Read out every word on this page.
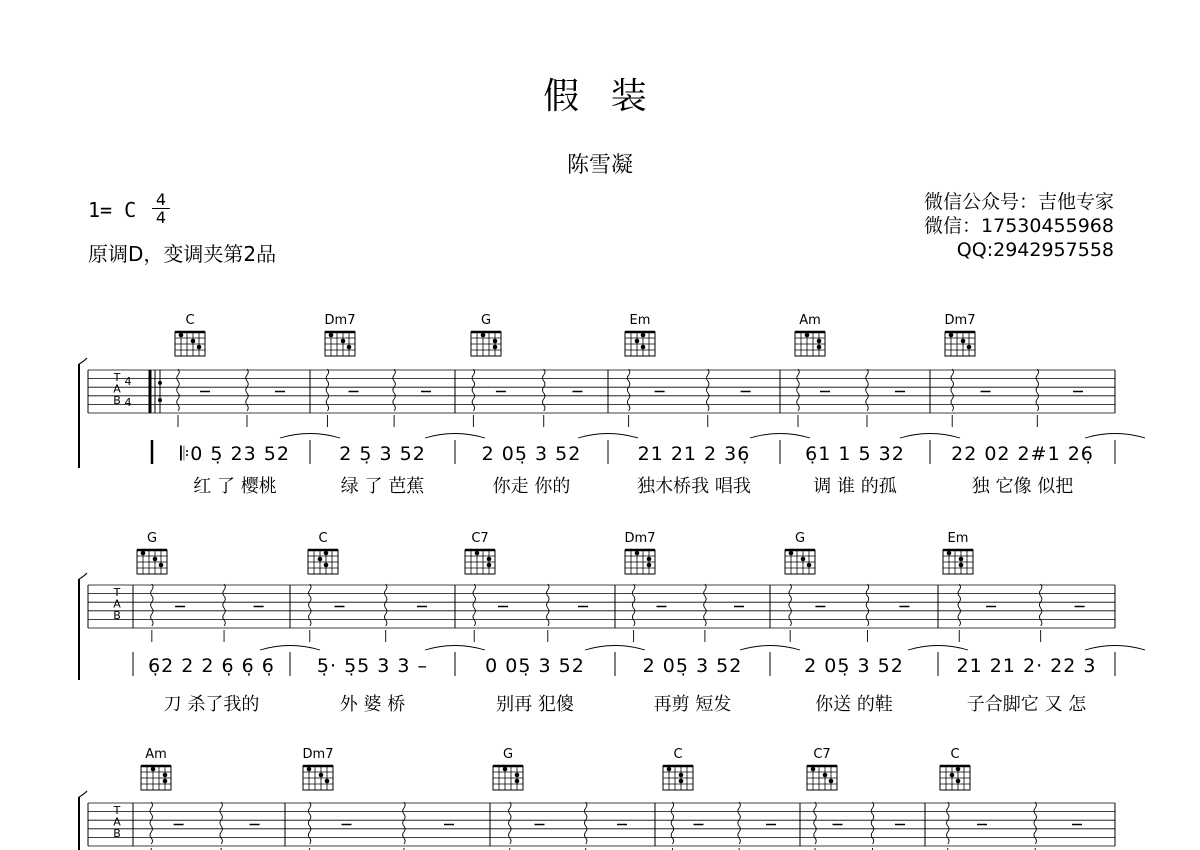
假 装
陈雪凝
1= C 4
4
原调D，变调夹第2品
微信公众号：吉他专家
微信：17530455968
QQ:2942957558
C	Dm7	G	Em	Am	Dm7
T
A
B
4
4
𝄆0 5̣ 23 52
红 了 樱桃
2 5̣ 3 52
绿 了 芭蕉
2 05̣ 3 52
你走 你的
21 21 2 36̣
独木桥我 唱我
6̣1 1 5 32
调 谁 的孤
22 02 2#1 26̣
独 它像 似把
G	C	C7	Dm7	G	Em
T
A
B
6̣2 2 2 6̣ 6̣ 6̣
刀 杀了我的
5̣· 5̣5 3 3 –
外 婆 桥
0 05̣ 3 52
别再 犯傻
2 05̣ 3 52
再剪 短发
2 05̣ 3 52
你送 的鞋
21 21 2· 22 3
子合脚它 又 怎
Am	Dm7	G	C	C7	C
T
A
B
